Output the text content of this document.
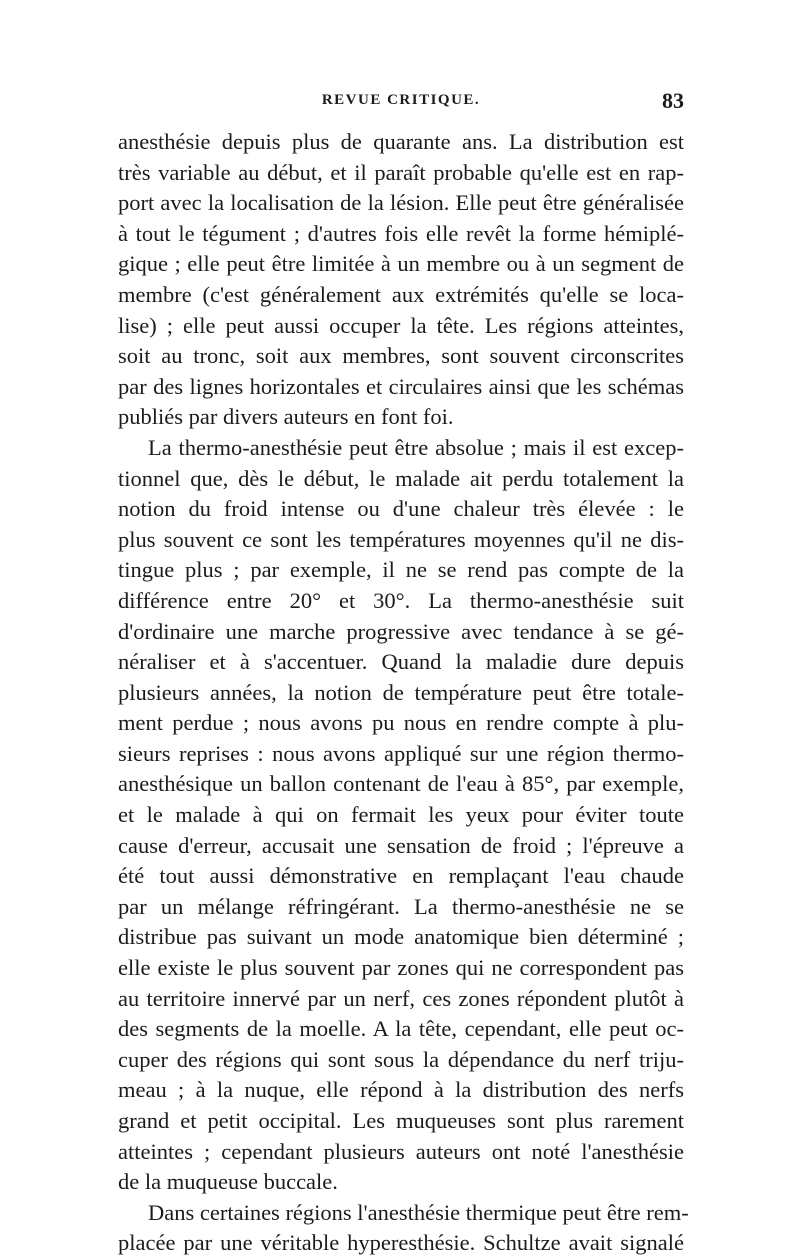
REVUE CRITIQUE.	83
anesthésie depuis plus de quarante ans. La distribution est
très variable au début, et il paraît probable qu'elle est en rap-
port avec la localisation de la lésion. Elle peut être généralisée
à tout le tégument ; d'autres fois elle revêt la forme hémiplé-
gique ; elle peut être limitée à un membre ou à un segment de
membre (c'est généralement aux extrémités qu'elle se loca-
lise) ; elle peut aussi occuper la tête. Les régions atteintes,
soit au tronc, soit aux membres, sont souvent circonscrites
par des lignes horizontales et circulaires ainsi que les schémas
publiés par divers auteurs en font foi.
La thermo-anesthésie peut être absolue ; mais il est excep-
tionnel que, dès le début, le malade ait perdu totalement la
notion du froid intense ou d'une chaleur très élevée : le
plus souvent ce sont les températures moyennes qu'il ne dis-
tingue plus ; par exemple, il ne se rend pas compte de la
différence entre 20° et 30°. La thermo-anesthésie suit
d'ordinaire une marche progressive avec tendance à se gé-
néraliser et à s'accentuer. Quand la maladie dure depuis
plusieurs années, la notion de température peut être totale-
ment perdue ; nous avons pu nous en rendre compte à plu-
sieurs reprises : nous avons appliqué sur une région thermo-
anesthésique un ballon contenant de l'eau à 85°, par exemple,
et le malade à qui on fermait les yeux pour éviter toute
cause d'erreur, accusait une sensation de froid ; l'épreuve a
été tout aussi démonstrative en remplaçant l'eau chaude
par un mélange réfringérant. La thermo-anesthésie ne se
distribue pas suivant un mode anatomique bien déterminé ;
elle existe le plus souvent par zones qui ne correspondent pas
au territoire innervé par un nerf, ces zones répondent plutôt à
des segments de la moelle. A la tête, cependant, elle peut oc-
cuper des régions qui sont sous la dépendance du nerf triju-
meau ; à la nuque, elle répond à la distribution des nerfs
grand et petit occipital. Les muqueuses sont plus rarement
atteintes ; cependant plusieurs auteurs ont noté l'anesthésie
de la muqueuse buccale.
Dans certaines régions l'anesthésie thermique peut être rem-
placée par une véritable hyperesthésie. Schultze avait signalé
